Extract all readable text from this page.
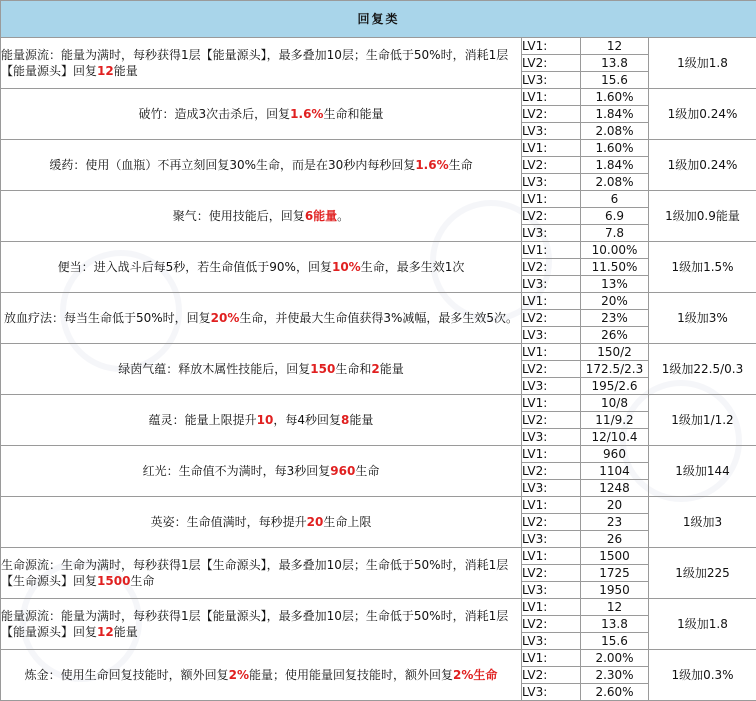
回复类			
能量源流：能量为满时，每秒获得1层【能量源头】，最多叠加10层；生命低于50%时，消耗1层【能量源头】回复12能量	LV1:	12	1级加1.8
	LV2:	13.8	
	LV3:	15.6	
破竹：造成3次击杀后，回复1.6%生命和能量	LV1:	1.60%	1级加0.24%
	LV2:	1.84%	
	LV3:	2.08%	
缓药：使用（血瓶）不再立刻回复30%生命，而是在30秒内每秒回复1.6%生命	LV1:	1.60%	1级加0.24%
	LV2:	1.84%	
	LV3:	2.08%	
聚气：使用技能后，回复6能量。	LV1:	6	1级加0.9能量
	LV2:	6.9	
	LV3:	7.8	
便当：进入战斗后每5秒，若生命值低于90%，回复10%生命，最多生效1次	LV1:	10.00%	1级加1.5%
	LV2:	11.50%	
	LV3:	13%	
放血疗法：每当生命低于50%时，回复20%生命，并使最大生命值获得3%减幅，最多生效5次。	LV1:	20%	1级加3%
	LV2:	23%	
	LV3:	26%	
绿茵气蕴：释放木属性技能后，回复150生命和2能量	LV1:	150/2	1级加22.5/0.3
	LV2:	172.5/2.3	
	LV3:	195/2.6	
蕴灵：能量上限提升10，每4秒回复8能量	LV1:	10/8	1级加1/1.2
	LV2:	11/9.2	
	LV3:	12/10.4	
红光：生命值不为满时，每3秒回复960生命	LV1:	960	1级加144
	LV2:	1104	
	LV3:	1248	
英姿：生命值满时，每秒提升20生命上限	LV1:	20	1级加3
	LV2:	23	
	LV3:	26	
生命源流：生命为满时，每秒获得1层【生命源头】，最多叠加10层；生命低于50%时，消耗1层【生命源头】回复1500生命	LV1:	1500	1级加225
	LV2:	1725	
	LV3:	1950	
能量源流：能量为满时，每秒获得1层【能量源头】，最多叠加10层；生命低于50%时，消耗1层【能量源头】回复12能量	LV1:	12	1级加1.8
	LV2:	13.8	
	LV3:	15.6	
炼金：使用生命回复技能时，额外回复2%能量；使用能量回复技能时，额外回复2%生命	LV1:	2.00%	1级加0.3%
	LV2:	2.30%	
	LV3:	2.60%	
